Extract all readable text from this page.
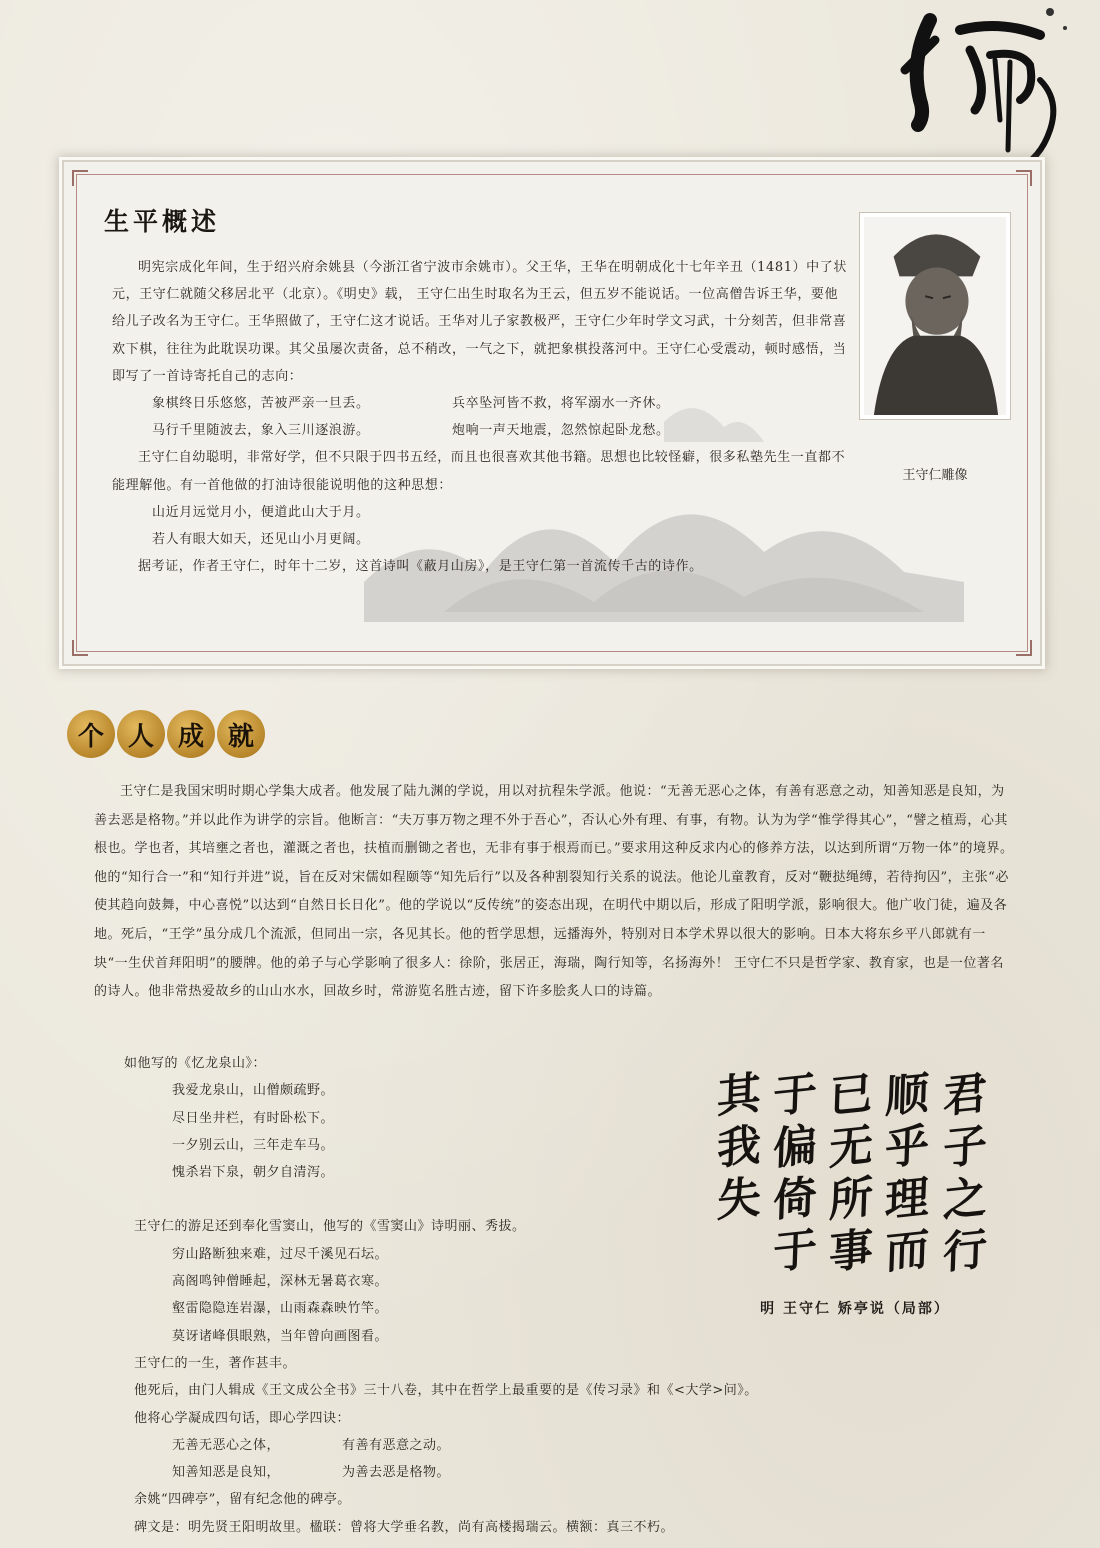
生平概述

明宪宗成化年间，生于绍兴府余姚县（今浙江省宁波市余姚市）。父王华，王华在明朝成化十七年辛丑（1481）中了状元，王守仁就随父移居北平（北京）。《明史》载， 王守仁出生时取名为王云，但五岁不能说话。一位高僧告诉王华，要他给儿子改名为王守仁。王华照做了，王守仁这才说话。王华对儿子家教极严，王守仁少年时学文习武，十分刻苦，但非常喜欢下棋，往往为此耽误功课。其父虽屡次责备，总不稍改，一气之下，就把象棋投落河中。王守仁心受震动，顿时感悟，当即写了一首诗寄托自己的志向：

象棋终日乐悠悠，苦被严亲一旦丢。	兵卒坠河皆不救，将军溺水一齐休。
马行千里随波去，象入三川逐浪游。	炮响一声天地震，忽然惊起卧龙愁。

王守仁自幼聪明，非常好学，但不只限于四书五经，而且也很喜欢其他书籍。思想也比较怪癖，很多私塾先生一直都不能理解他。有一首他做的打油诗很能说明他的这种思想：

山近月远觉月小，便道此山大于月。
若人有眼大如天，还见山小月更阔。

据考证，作者王守仁，时年十二岁，这首诗叫《蔽月山房》，是王守仁第一首流传千古的诗作。

王守仁雕像
个 人 成 就

王守仁是我国宋明时期心学集大成者。他发展了陆九渊的学说，用以对抗程朱学派。他说：“无善无恶心之体，有善有恶意之动，知善知恶是良知，为善去恶是格物。”并以此作为讲学的宗旨。他断言：“夫万事万物之理不外于吾心”，否认心外有理、有事，有物。认为为学“惟学得其心”，“譬之植焉，心其根也。学也者，其培壅之者也，灌溉之者也，扶植而删锄之者也，无非有事于根焉而已。”要求用这种反求内心的修养方法，以达到所谓“万物一体”的境界。他的“知行合一”和“知行并进”说，旨在反对宋儒如程颐等“知先后行”以及各种割裂知行关系的说法。他论儿童教育，反对“鞭挞绳缚，若待拘囚”，主张“必使其趋向鼓舞，中心喜悦”以达到“自然日长日化”。他的学说以“反传统”的姿态出现，在明代中期以后，形成了阳明学派，影响很大。他广收门徒，遍及各地。死后，“王学”虽分成几个流派，但同出一宗，各见其长。他的哲学思想，远播海外，特别对日本学术界以很大的影响。日本大将东乡平八郎就有一块“一生伏首拜阳明”的腰牌。他的弟子与心学影响了很多人：徐阶，张居正，海瑞，陶行知等，名扬海外！ 王守仁不只是哲学家、教育家，也是一位著名的诗人。他非常热爱故乡的山山水水，回故乡时，常游览名胜古迹，留下许多脍炙人口的诗篇。

如他写的《忆龙泉山》：
我爱龙泉山，山僧颇疏野。
尽日坐井栏，有时卧松下。
一夕别云山，三年走车马。
愧杀岩下泉，朝夕自清泻。
王守仁的游足还到奉化雪窦山，他写的《雪窦山》诗明丽、秀拔。
穷山路断独来难，过尽千溪见石坛。
高阁鸣钟僧睡起，深林无暑葛衣寒。
壑雷隐隐连岩瀑，山雨森森映竹竿。
莫讶诸峰俱眼熟，当年曾向画图看。
王守仁的一生，著作甚丰。
他死后，由门人辑成《王文成公全书》三十八卷，其中在哲学上最重要的是《传习录》和《<大学>问》。
他将心学凝成四句话，即心学四诀：
无善无恶心之体，	有善有恶意之动。
知善知恶是良知，	为善去恶是格物。
余姚“四碑亭”，留有纪念他的碑亭。
碑文是：明先贤王阳明故里。楹联：曾将大学垂名教，尚有高楼揭瑞云。横额：真三不朽。
君
子
之
行
顺
乎
理
而
已
无
所
事
于
偏
倚
于
其
我
失
明 王守仁 矫亭说（局部）
